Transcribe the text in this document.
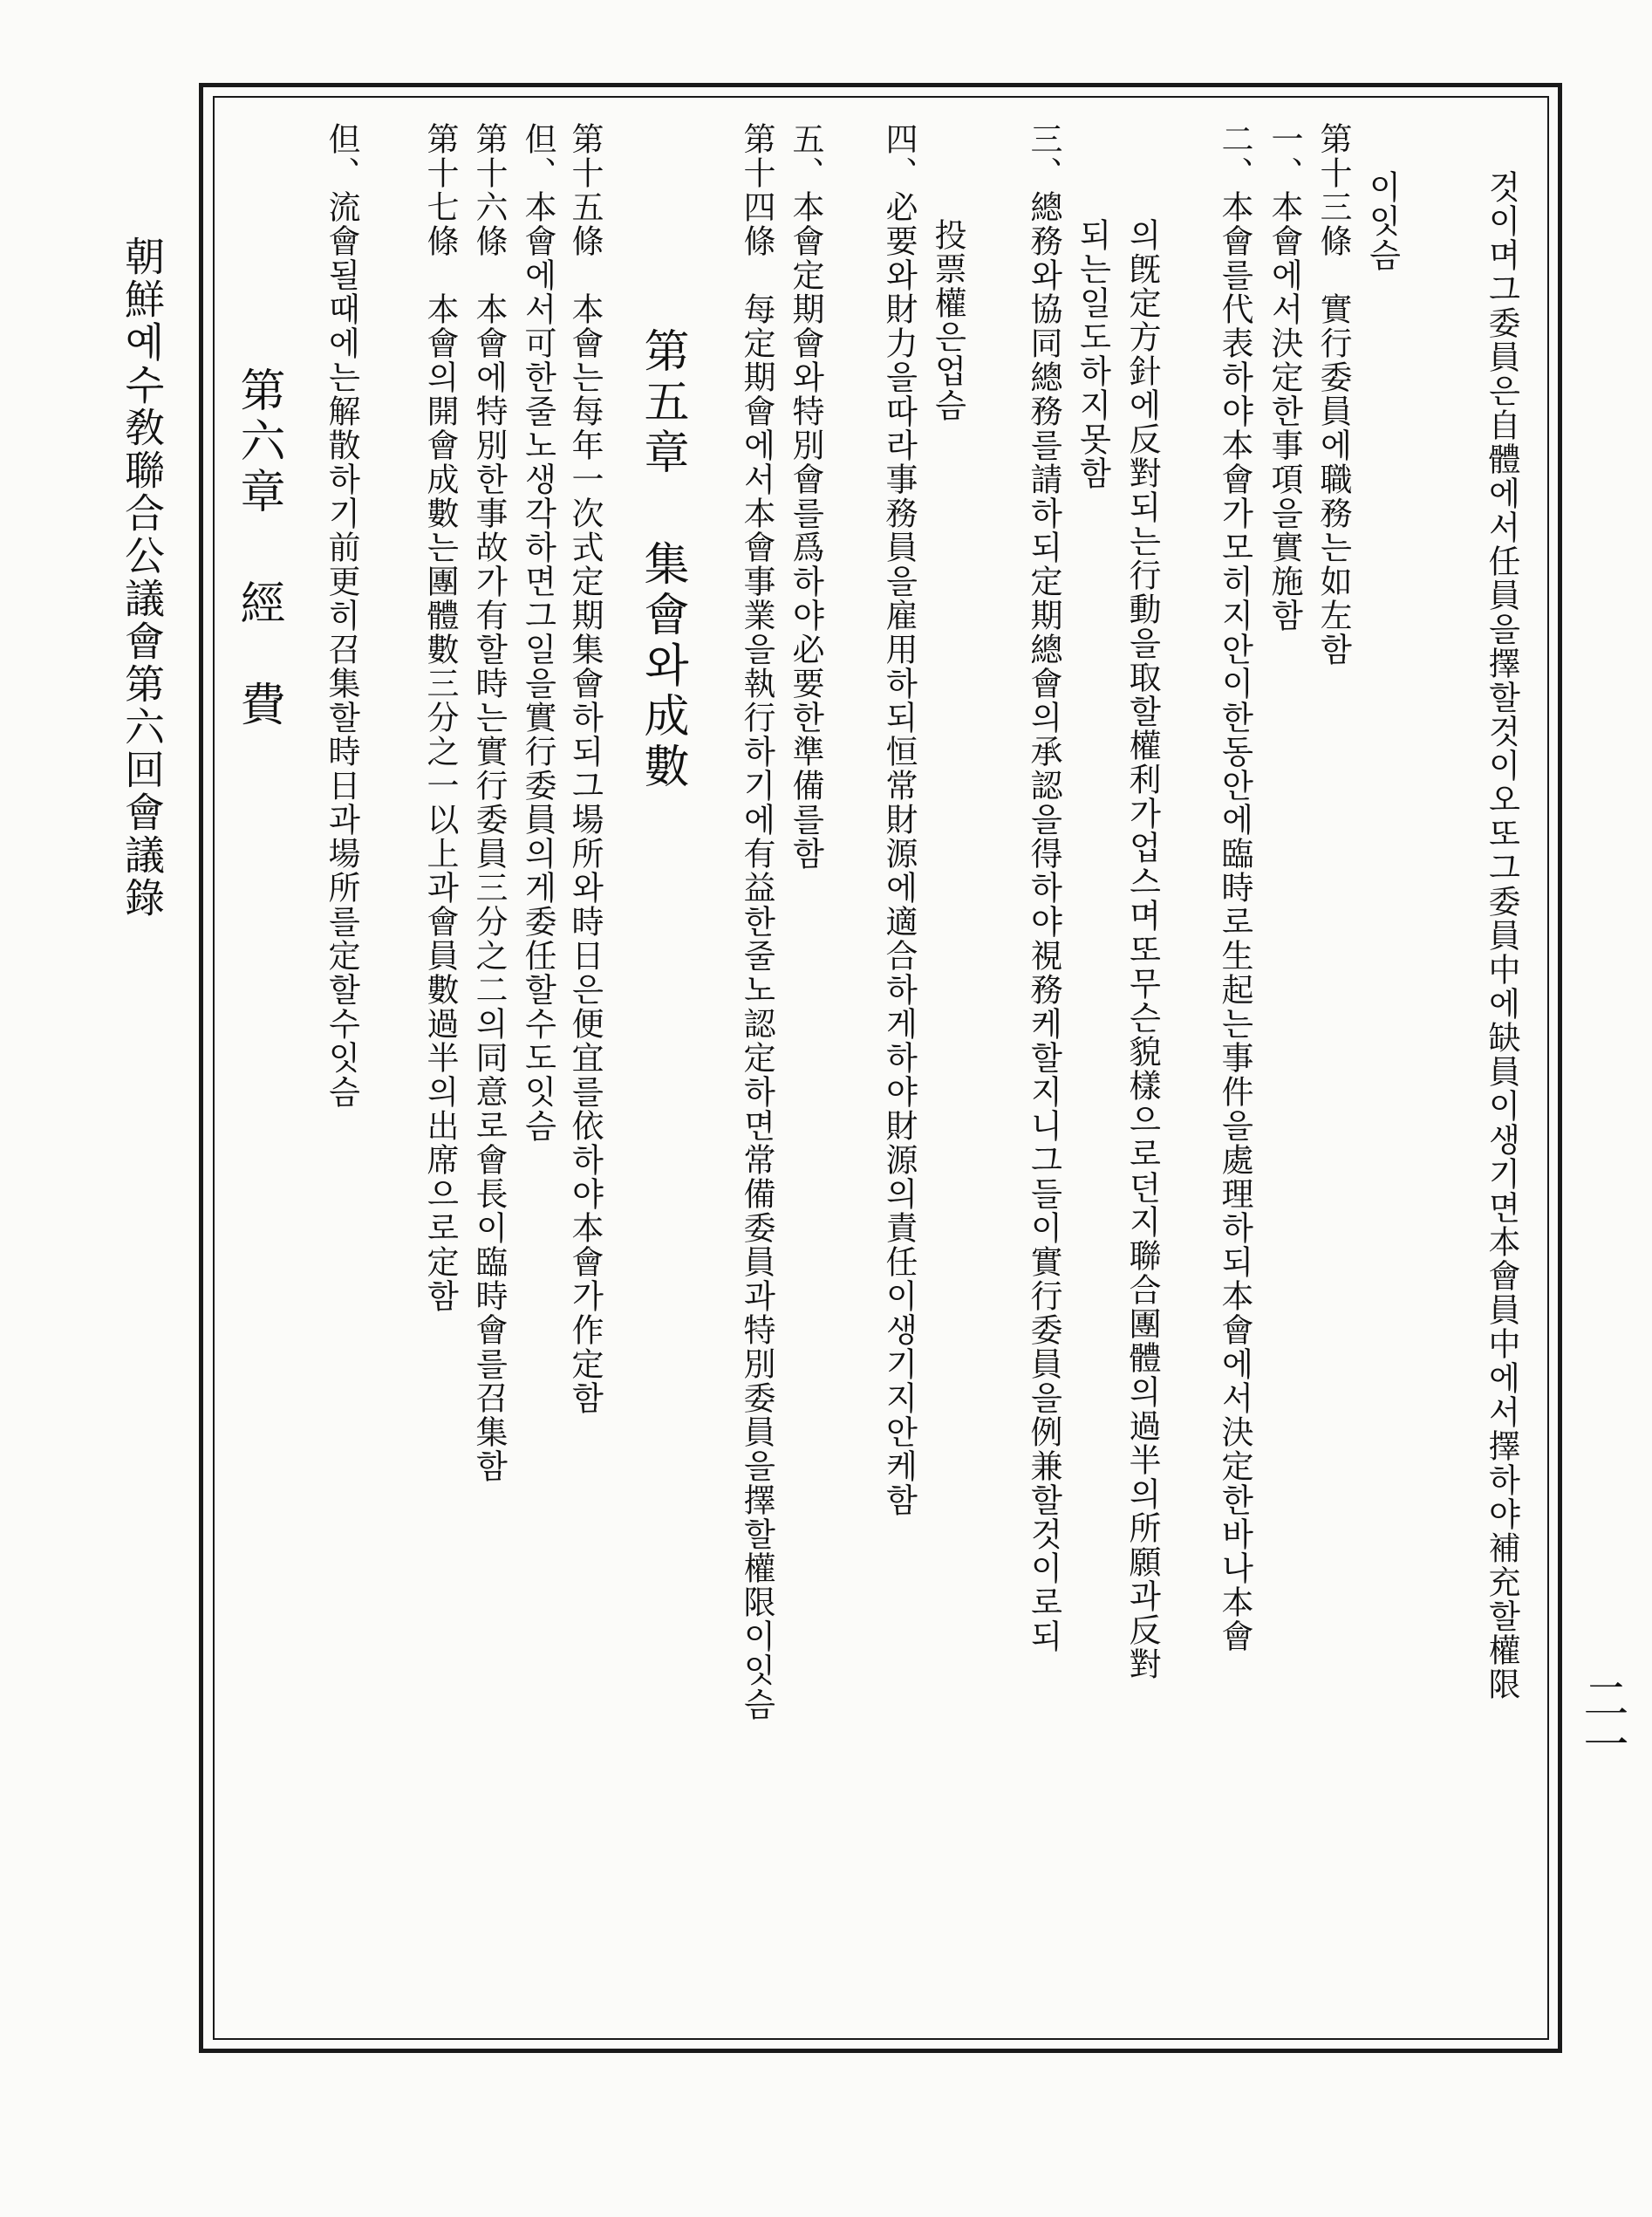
朝鮮예수敎聯合公議會第六回會議錄
二一
것이며그委員은自體에서任員을擇할것이오또그委員中에缺員이생기면本會員中에서擇하야補充할權限
이잇슴
第十三條　實行委員에職務는如左함
一、本會에서決定한事項을實施함
二、本會를代表하야本會가모히지안이한동안에臨時로生起는事件을處理하되本會에서決定한바나本會
의旣定方針에反對되는行動을取할權利가업스며또무슨貌樣으로던지聯合團體의過半의所願과反對
되는일도하지못함
三、總務와協同總務를請하되定期總會의承認을得하야視務케할지니그들이實行委員을例兼할것이로되
投票權은업슴
四、必要와財力을따라事務員을雇用하되恒常財源에適合하게하야財源의責任이생기지안케함
五、本會定期會와特別會를爲하야必要한準備를함
第十四條　每定期會에서本會事業을執行하기에有益한줄노認定하면常備委員과特別委員을擇할權限이잇슴
第五章集會와成數
第十五條　本會는每年一次式定期集會하되그場所와時日은便宜를依하야本會가作定함
但、本會에서可한줄노생각하면그일을實行委員의게委任할수도잇슴
第十六條　本會에特別한事故가有할時는實行委員三分之二의同意로會長이臨時會를召集함
第十七條　本會의開會成數는團體數三分之一以上과會員數過半의出席으로定함
但、流會될때에는解散하기前更히召集할時日과場所를定할수잇슴
第六章經　費
